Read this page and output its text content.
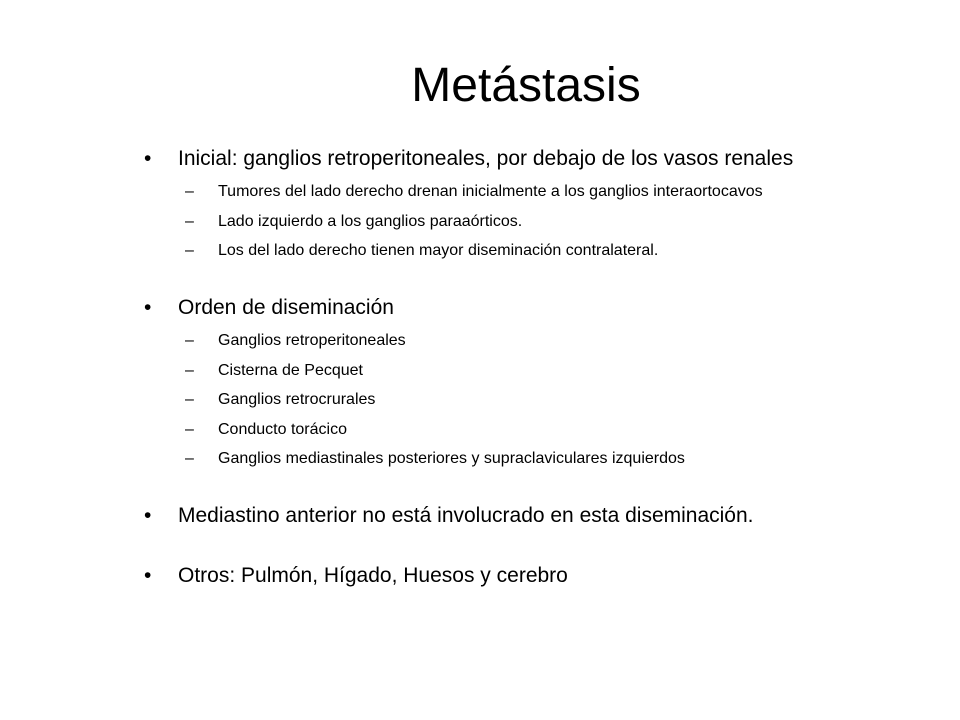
Metástasis
• Inicial: ganglios retroperitoneales, por debajo de los vasos renales
– Tumores del lado derecho drenan inicialmente a los ganglios interaortocavos
– Lado izquierdo a los ganglios paraaórticos.
– Los del lado derecho tienen mayor diseminación contralateral.
• Orden de diseminación
– Ganglios retroperitoneales
– Cisterna de Pecquet
– Ganglios retrocrurales
– Conducto torácico
– Ganglios mediastinales posteriores y supraclaviculares izquierdos
• Mediastino anterior no está involucrado en esta diseminación.
• Otros: Pulmón, Hígado, Huesos y cerebro
